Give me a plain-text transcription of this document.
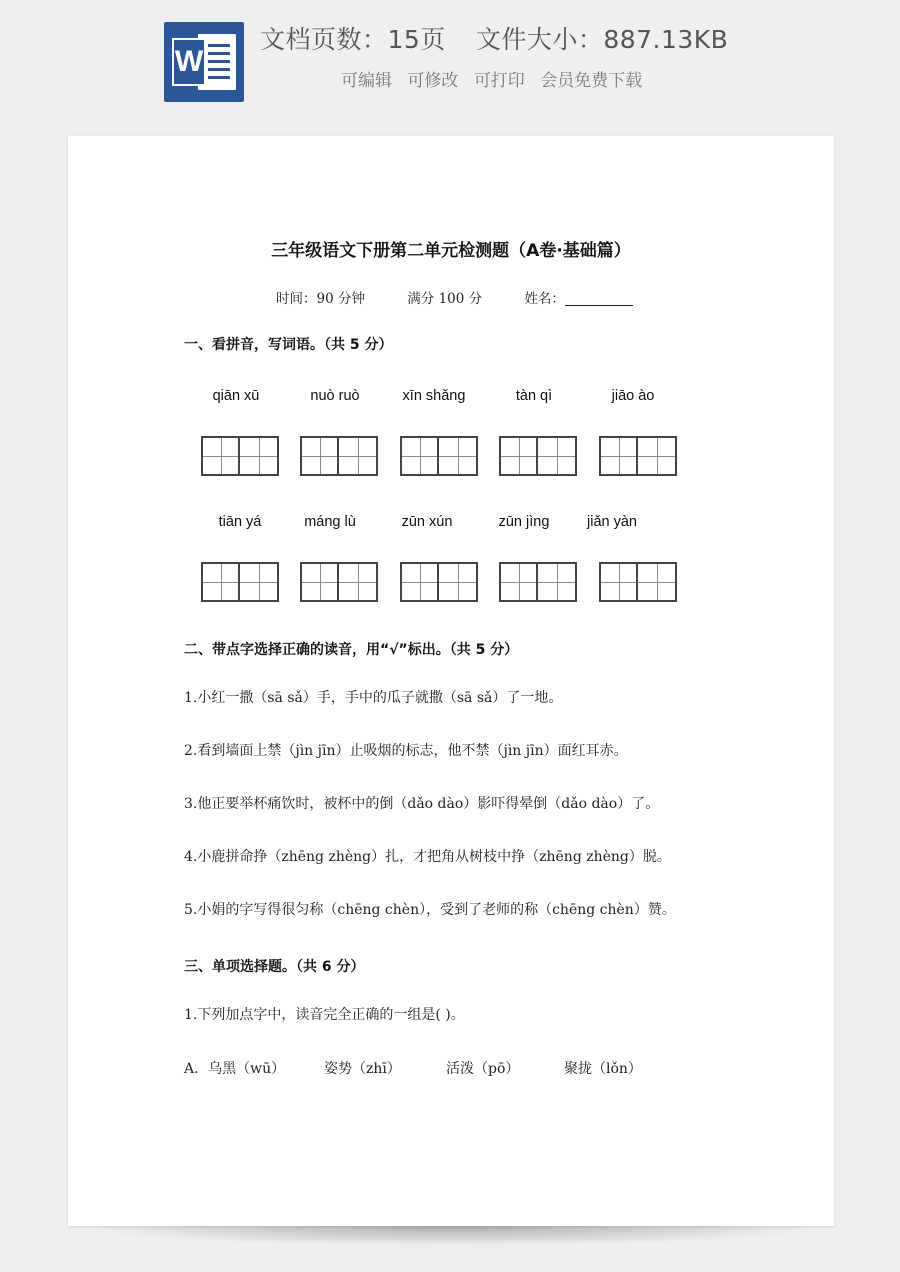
W
文档页数：15页 文件大小：887.13KB
可编辑 可修改 可打印 会员免费下载
三年级语文下册第二单元检测题（A卷·基础篇）
时间：90 分钟	满分 100 分	姓名：
一、看拼音，写词语。（共 5 分）
qiān xū	nuò ruò	xīn shǎng	tàn qì	jiāo ào
tiān yá	máng lù	zūn xún	zūn jìng	jiǎn yàn
二、带点字选择正确的读音，用“√”标出。（共 5 分）
1.小红一撒（sā sǎ）手，手中的瓜子就撒（sā sǎ）了一地。
2.看到墙面上禁（jìn jīn）止吸烟的标志，他不禁（jìn jīn）面红耳赤。
3.他正要举杯痛饮时，被杯中的倒（dǎo dào）影吓得晕倒（dǎo dào）了。
4.小鹿拼命挣（zhēng zhèng）扎，才把角从树枝中挣（zhēng zhèng）脱。
5.小娟的字写得很匀称（chēng chèn），受到了老师的称（chēng chèn）赞。
三、单项选择题。（共 6 分）
1.下列加点字中，读音完全正确的一组是( )。
A．乌黑（wū）	姿势（zhī）	活泼（pō）	聚拢（lǒn）
